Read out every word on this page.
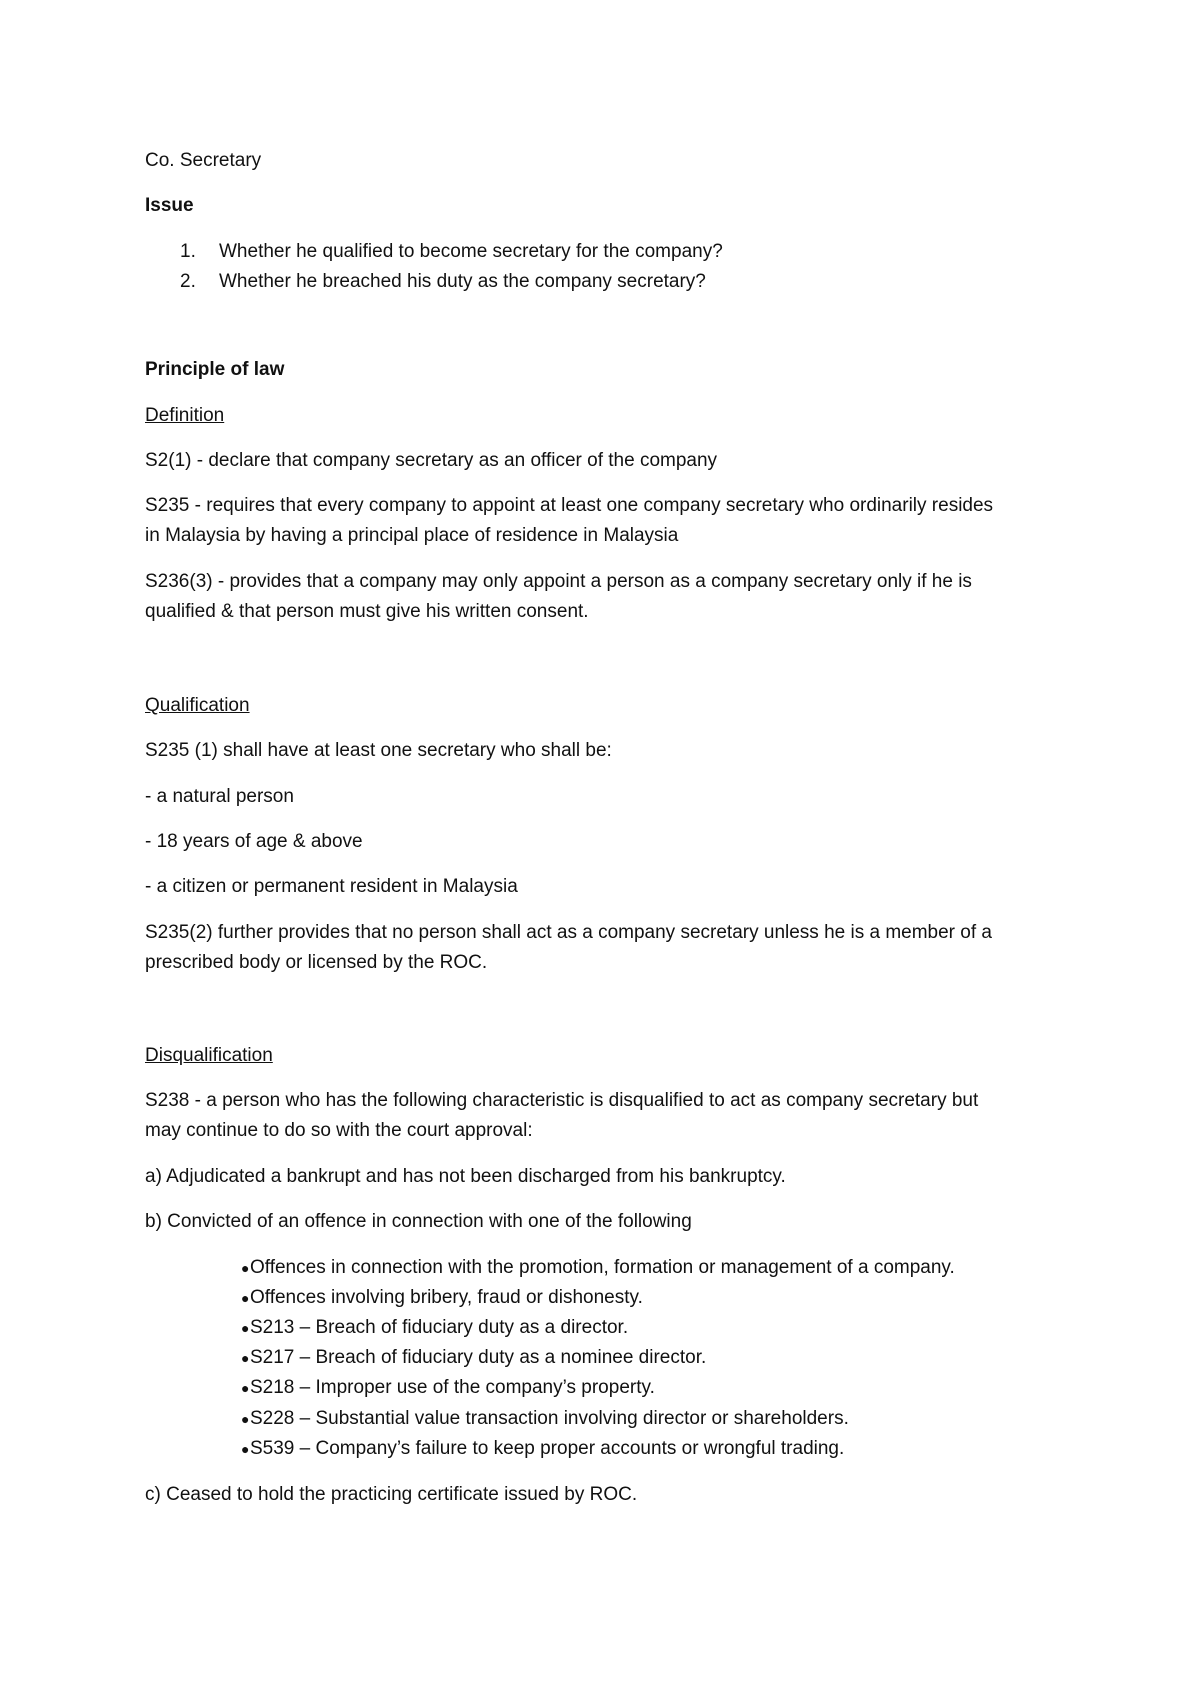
Co. Secretary
Issue
1. Whether he qualified to become secretary for the company?
2. Whether he breached his duty as the company secretary?
Principle of law
Definition
S2(1) - declare that company secretary as an officer of the company
S235 - requires that every company to appoint at least one company secretary who ordinarily resides
in Malaysia by having a principal place of residence in Malaysia
S236(3) - provides that a company may only appoint a person as a company secretary only if he is
qualified & that person must give his written consent.
Qualification
S235 (1) shall have at least one secretary who shall be:
- a natural person
- 18 years of age & above
- a citizen or permanent resident in Malaysia
S235(2) further provides that no person shall act as a company secretary unless he is a member of a
prescribed body or licensed by the ROC.
Disqualification
S238 - a person who has the following characteristic is disqualified to act as company secretary but
may continue to do so with the court approval:
a) Adjudicated a bankrupt and has not been discharged from his bankruptcy.
b) Convicted of an offence in connection with one of the following
● Offences in connection with the promotion, formation or management of a company.
● Offences involving bribery, fraud or dishonesty.
● S213 – Breach of fiduciary duty as a director.
● S217 – Breach of fiduciary duty as a nominee director.
● S218 – Improper use of the company’s property.
● S228 – Substantial value transaction involving director or shareholders.
● S539 – Company’s failure to keep proper accounts or wrongful trading.
c) Ceased to hold the practicing certificate issued by ROC.
